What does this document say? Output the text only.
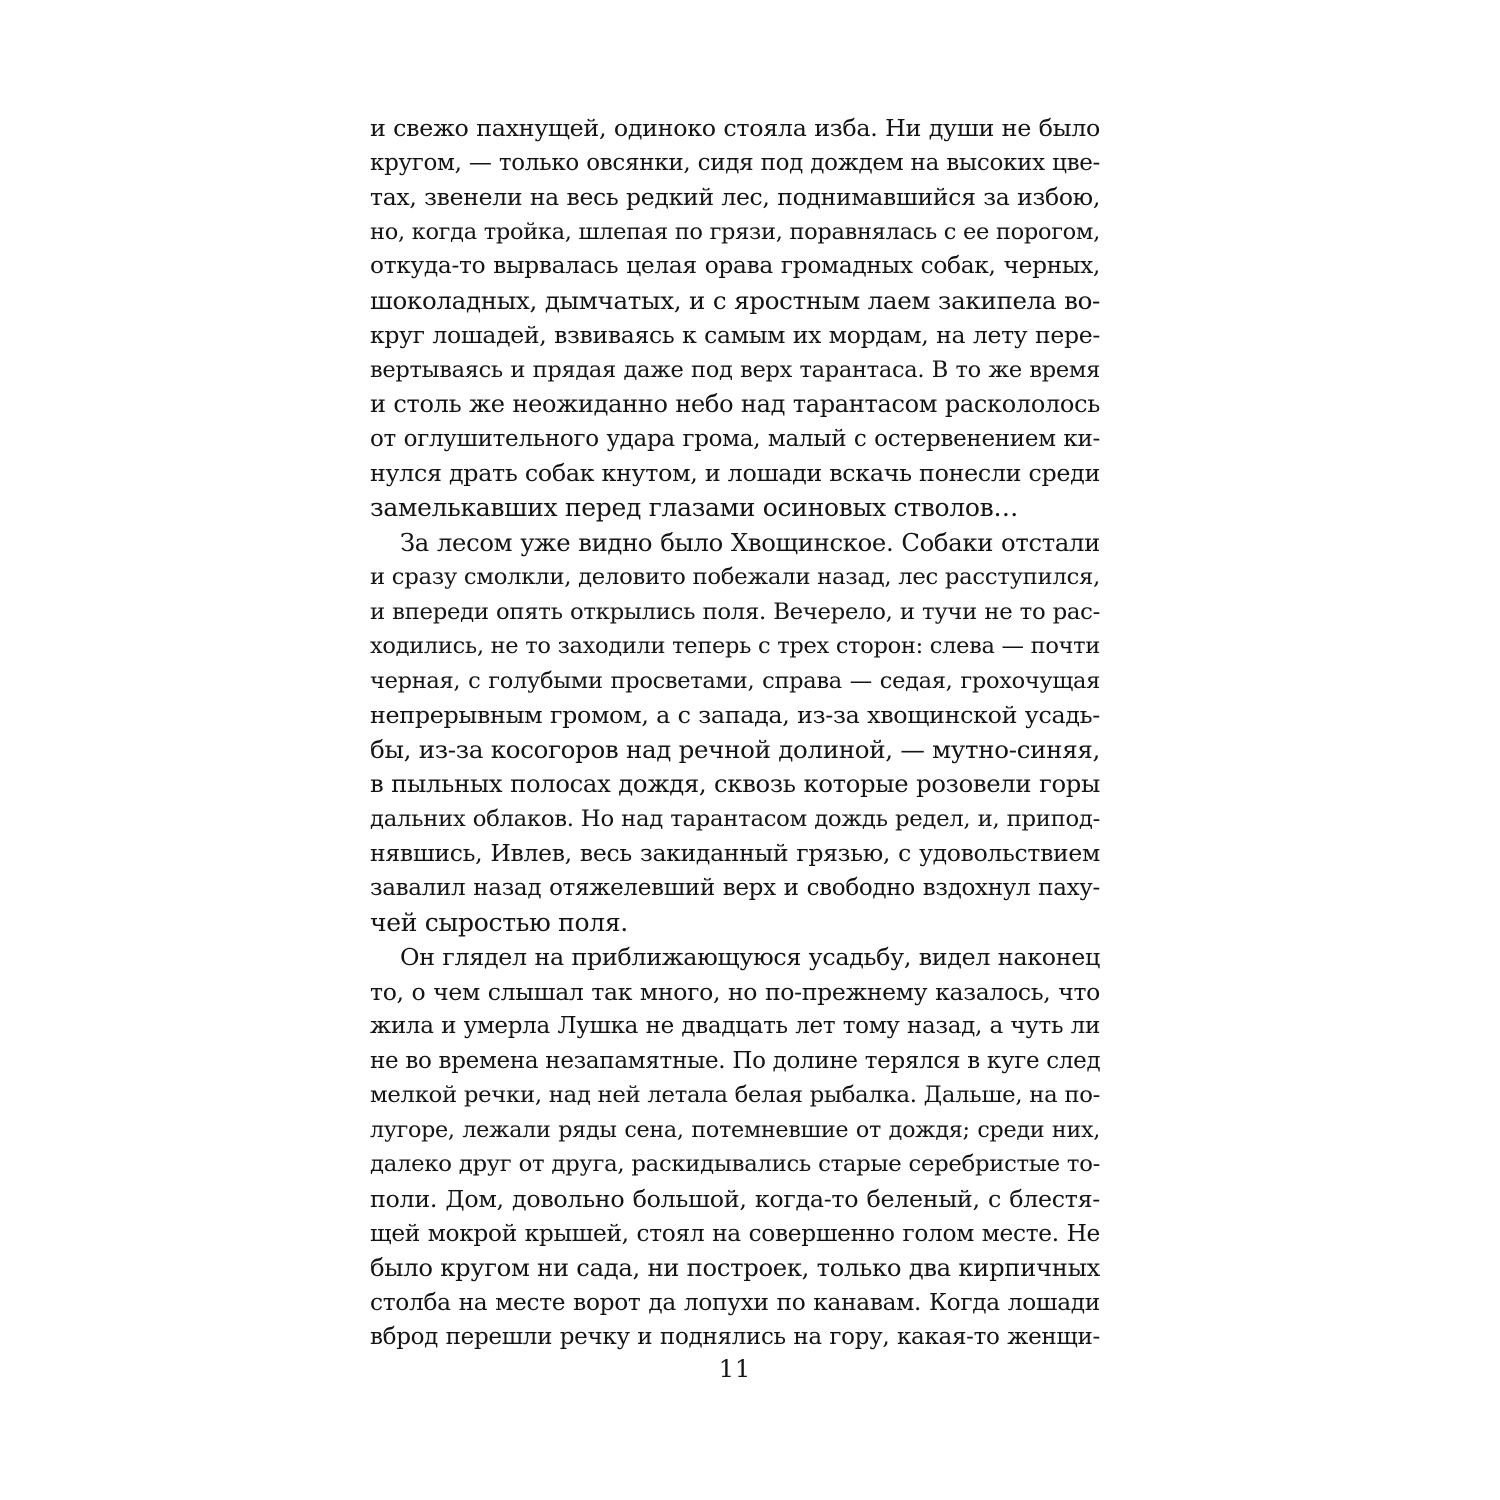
и свежо пахнущей, одиноко стояла изба. Ни души не было
кругом, — только овсянки, сидя под дождем на высоких цве-
тах, звенели на весь редкий лес, поднимавшийся за избою,
но, когда тройка, шлепая по грязи, поравнялась с ее порогом,
откуда-то вырвалась целая орава громадных собак, черных,
шоколадных, дымчатых, и с яростным лаем закипела во-
круг лошадей, взвиваясь к самым их мордам, на лету пере-
вертываясь и прядая даже под верх тарантаса. В то же время
и столь же неожиданно небо над тарантасом раскололось
от оглушительного удара грома, малый с остервенением ки-
нулся драть собак кнутом, и лошади вскачь понесли среди
замелькавших перед глазами осиновых стволов…
За лесом уже видно было Хвощинское. Собаки отстали
и сразу смолкли, деловито побежали назад, лес расступился,
и впереди опять открылись поля. Вечерело, и тучи не то рас-
ходились, не то заходили теперь с трех сторон: слева — почти
черная, с голубыми просветами, справа — седая, грохочущая
непрерывным громом, а с запада, из-за хвощинской усадь-
бы, из-за косогоров над речной долиной, — мутно-синяя,
в пыльных полосах дождя, сквозь которые розовели горы
дальних облаков. Но над тарантасом дождь редел, и, припод-
нявшись, Ивлев, весь закиданный грязью, с удовольствием
завалил назад отяжелевший верх и свободно вздохнул паху-
чей сыростью поля.
Он глядел на приближающуюся усадьбу, видел наконец
то, о чем слышал так много, но по-прежнему казалось, что
жила и умерла Лушка не двадцать лет тому назад, а чуть ли
не во времена незапамятные. По долине терялся в куге след
мелкой речки, над ней летала белая рыбалка. Дальше, на по-
лугоре, лежали ряды сена, потемневшие от дождя; среди них,
далеко друг от друга, раскидывались старые серебристые то-
поли. Дом, довольно большой, когда-то беленый, с блестя-
щей мокрой крышей, стоял на совершенно голом месте. Не
было кругом ни сада, ни построек, только два кирпичных
столба на месте ворот да лопухи по канавам. Когда лошади
вброд перешли речку и поднялись на гору, какая-то женщи-
11
